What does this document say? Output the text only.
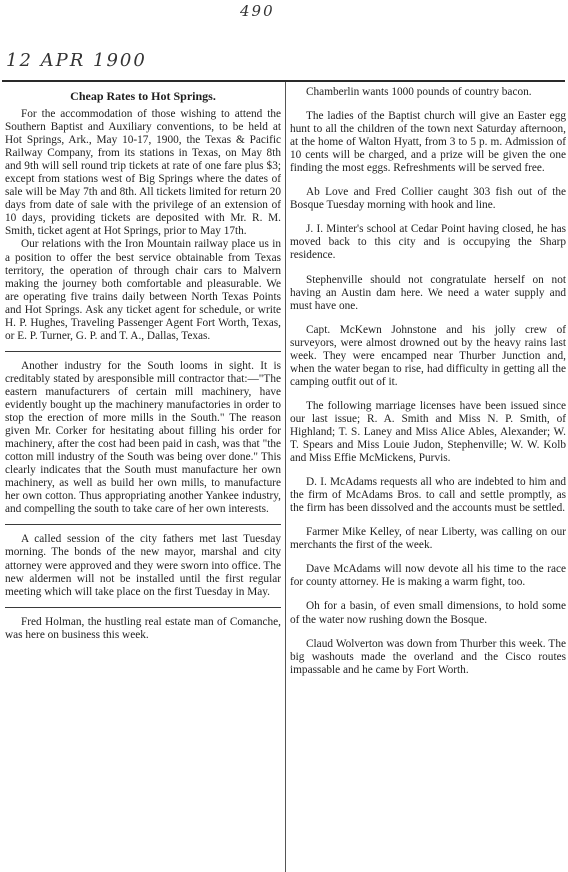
490
12 APR 1900
Cheap Rates to Hot Springs.

For the accommodation of those wishing to attend the Southern Baptist and Auxiliary conventions, to be held at Hot Springs, Ark., May 10-17, 1900, the Texas & Pacific Railway Company, from its stations in Texas, on May 8th and 9th will sell round trip tickets at rate of one fare plus $3; except from stations west of Big Springs where the dates of sale will be May 7th and 8th. All tickets limited for return 20 days from date of sale with the privilege of an extension of 10 days, providing tickets are deposited with Mr. R. M. Smith, ticket agent at Hot Springs, prior to May 17th.

Our relations with the Iron Mountain railway place us in a position to offer the best service obtainable from Texas territory, the operation of through chair cars to Malvern making the journey both comfortable and pleasurable. We are operating five trains daily between North Texas Points and Hot Springs. Ask any ticket agent for schedule, or write H. P. Hughes, Traveling Passenger Agent Fort Worth, Texas, or E. P. Turner, G. P. and T. A., Dallas, Texas.

Another industry for the South looms in sight. It is creditably stated by aresponsible mill contractor that:—"The eastern manufacturers of certain mill machinery, have evidently bought up the machinery manufactories in order to stop the erection of more mills in the South." The reason given Mr. Corker for hesitating about filling his order for machinery, after the cost had been paid in cash, was that "the cotton mill industry of the South was being over done." This clearly indicates that the South must manufacture her own machinery, as well as build her own mills, to manufacture her own cotton. Thus appropriating another Yankee industry, and compelling the south to take care of her own interests.

A called session of the city fathers met last Tuesday morning. The bonds of the new mayor, marshal and city attorney were approved and they were sworn into office. The new aldermen will not be installed until the first regular meeting which will take place on the first Tuesday in May.

Fred Holman, the hustling real estate man of Comanche, was here on business this week.

Chamberlin wants 1000 pounds of country bacon.

The ladies of the Baptist church will give an Easter egg hunt to all the children of the town next Saturday afternoon, at the home of Walton Hyatt, from 3 to 5 p. m. Admission of 10 cents will be charged, and a prize will be given the one finding the most eggs. Refreshments will be served free.

Ab Love and Fred Collier caught 303 fish out of the Bosque Tuesday morning with hook and line.

J. I. Minter's school at Cedar Point having closed, he has moved back to this city and is occupying the Sharp residence.

Stephenville should not congratulate herself on not having an Austin dam here. We need a water supply and must have one.

Capt. McKewn Johnstone and his jolly crew of surveyors, were almost drowned out by the heavy rains last week. They were encamped near Thurber Junction and, when the water began to rise, had difficulty in getting all the camping outfit out of it.

The following marriage licenses have been issued since our last issue; R. A. Smith and Miss N. P. Smith, of Highland; T. S. Laney and Miss Alice Ables, Alexander; W. T. Spears and Miss Louie Judon, Stephenville; W. W. Kolb and Miss Effie McMickens, Purvis.

D. I. McAdams requests all who are indebted to him and the firm of McAdams Bros. to call and settle promptly, as the firm has been dissolved and the accounts must be settled.

Farmer Mike Kelley, of near Liberty, was calling on our merchants the first of the week.

Dave McAdams will now devote all his time to the race for county attorney. He is making a warm fight, too.

Oh for a basin, of even small dimensions, to hold some of the water now rushing down the Bosque.

Claud Wolverton was down from Thurber this week. The big washouts made the overland and the Cisco routes impassable and he came by Fort Worth.
